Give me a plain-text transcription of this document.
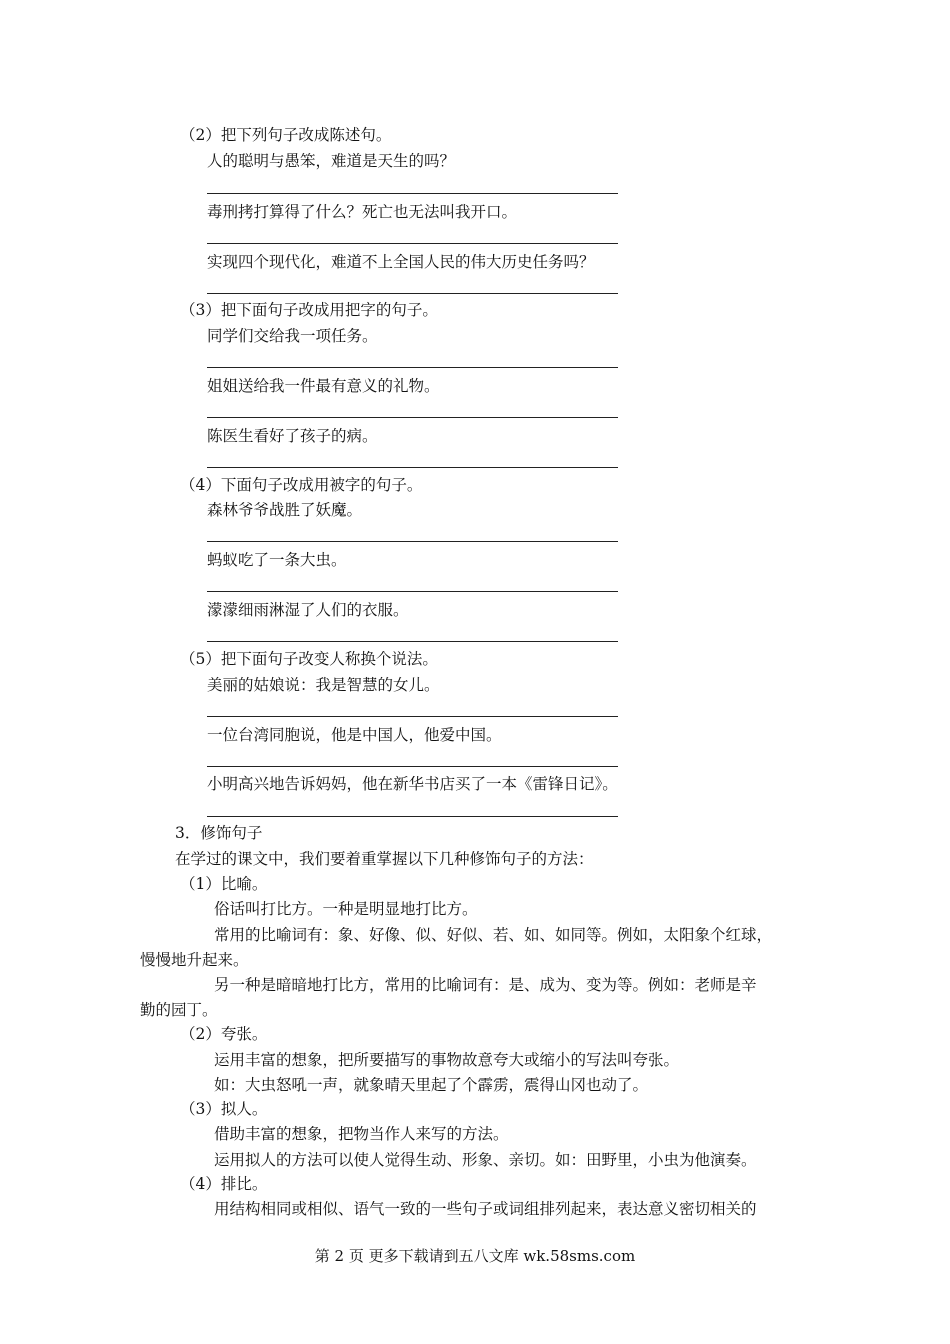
（2）把下列句子改成陈述句。
人的聪明与愚笨，难道是天生的吗？
毒刑拷打算得了什么？死亡也无法叫我开口。
实现四个现代化，难道不上全国人民的伟大历史任务吗？
（3）把下面句子改成用把字的句子。
同学们交给我一项任务。
姐姐送给我一件最有意义的礼物。
陈医生看好了孩子的病。
（4）下面句子改成用被字的句子。
森林爷爷战胜了妖魔。
蚂蚁吃了一条大虫。
濛濛细雨淋湿了人们的衣服。
（5）把下面句子改变人称换个说法。
美丽的姑娘说：我是智慧的女儿。
一位台湾同胞说，他是中国人，他爱中国。
小明高兴地告诉妈妈，他在新华书店买了一本《雷锋日记》。
3．修饰句子
在学过的课文中，我们要着重掌握以下几种修饰句子的方法：
（1）比喻。
俗话叫打比方。一种是明显地打比方。
常用的比喻词有：象、好像、似、好似、若、如、如同等。例如，太阳象个红球，
慢慢地升起来。
另一种是暗暗地打比方，常用的比喻词有：是、成为、变为等。例如：老师是辛
勤的园丁。
（2）夸张。
运用丰富的想象，把所要描写的事物故意夸大或缩小的写法叫夸张。
如：大虫怒吼一声，就象晴天里起了个霹雳，震得山冈也动了。
（3）拟人。
借助丰富的想象，把物当作人来写的方法。
运用拟人的方法可以使人觉得生动、形象、亲切。如：田野里，小虫为他演奏。
（4）排比。
用结构相同或相似、语气一致的一些句子或词组排列起来，表达意义密切相关的
第 2 页 更多下载请到五八文库 wk.58sms.com
